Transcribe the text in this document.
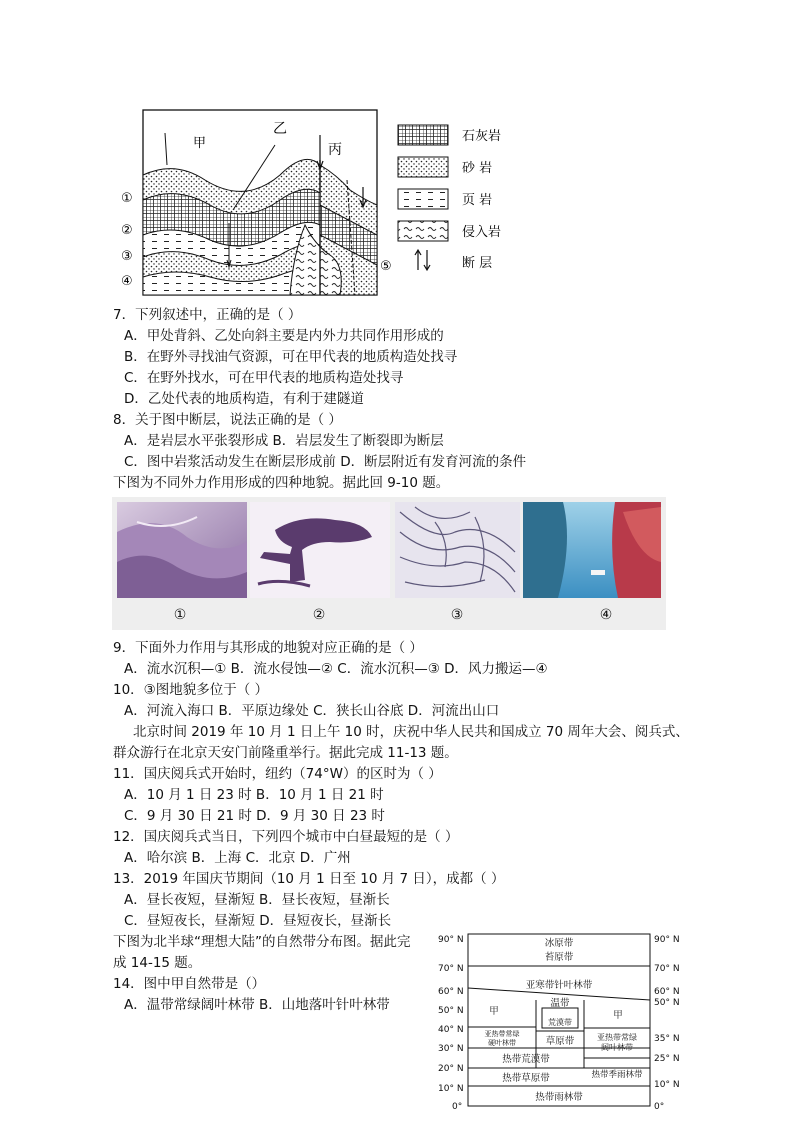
甲
乙
丙
①
②
③
④
⑤
石灰岩
砂 岩
页 岩
侵入岩
断 层
7．下列叙述中，正确的是（ ）
A．甲处背斜、乙处向斜主要是内外力共同作用形成的
B．在野外寻找油气资源，可在甲代表的地质构造处找寻
C．在野外找水，可在甲代表的地质构造处找寻
D．乙处代表的地质构造，有利于建隧道
8．关于图中断层，说法正确的是（ ）
A．是岩层水平张裂形成 B．岩层发生了断裂即为断层
C．图中岩浆活动发生在断层形成前 D．断层附近有发育河流的条件
下图为不同外力作用形成的四种地貌。据此回 9-10 题。
①	②	③	④
9．下面外力作用与其形成的地貌对应正确的是（ ）
A．流水沉积—① B．流水侵蚀—② C．流水沉积—③ D．风力搬运—④
10．③图地貌多位于（ ）
A．河流入海口 B．平原边缘处 C．狭长山谷底 D．河流出山口
北京时间 2019 年 10 月 1 日上午 10 时，庆祝中华人民共和国成立 70 周年大会、阅兵式、
群众游行在北京天安门前隆重举行。据此完成 11-13 题。
11．国庆阅兵式开始时，纽约（74°W）的区时为（ ）
A．10 月 1 日 23 时 B．10 月 1 日 21 时
C．9 月 30 日 21 时 D．9 月 30 日 23 时
12．国庆阅兵式当日，下列四个城市中白昼最短的是（ ）
A．哈尔滨 B．上海 C．北京 D．广州
13．2019 年国庆节期间（10 月 1 日至 10 月 7 日），成都（ ）
A．昼长夜短，昼渐短 B．昼长夜短，昼渐长
C．昼短夜长，昼渐短 D．昼短夜长，昼渐长
下图为北半球“理想大陆”的自然带分布图。据此完
成 14-15 题。
14．图中甲自然带是（）
A．温带常绿阔叶林带 B．山地落叶针叶林带
90° N
70° N
60° N
50° N
40° N
30° N
20° N
10° N
0°
90° N
70° N
60° N
50° N
35° N
25° N
10° N
0°
冰原带
苔原带
亚寒带针叶林带
甲
温带
荒漠带
草原带
甲
亚热带常绿
硬叶林带
亚热带常绿
阔叶林带
热带荒漠带
热带草原带	热带季雨林带
热带雨林带
